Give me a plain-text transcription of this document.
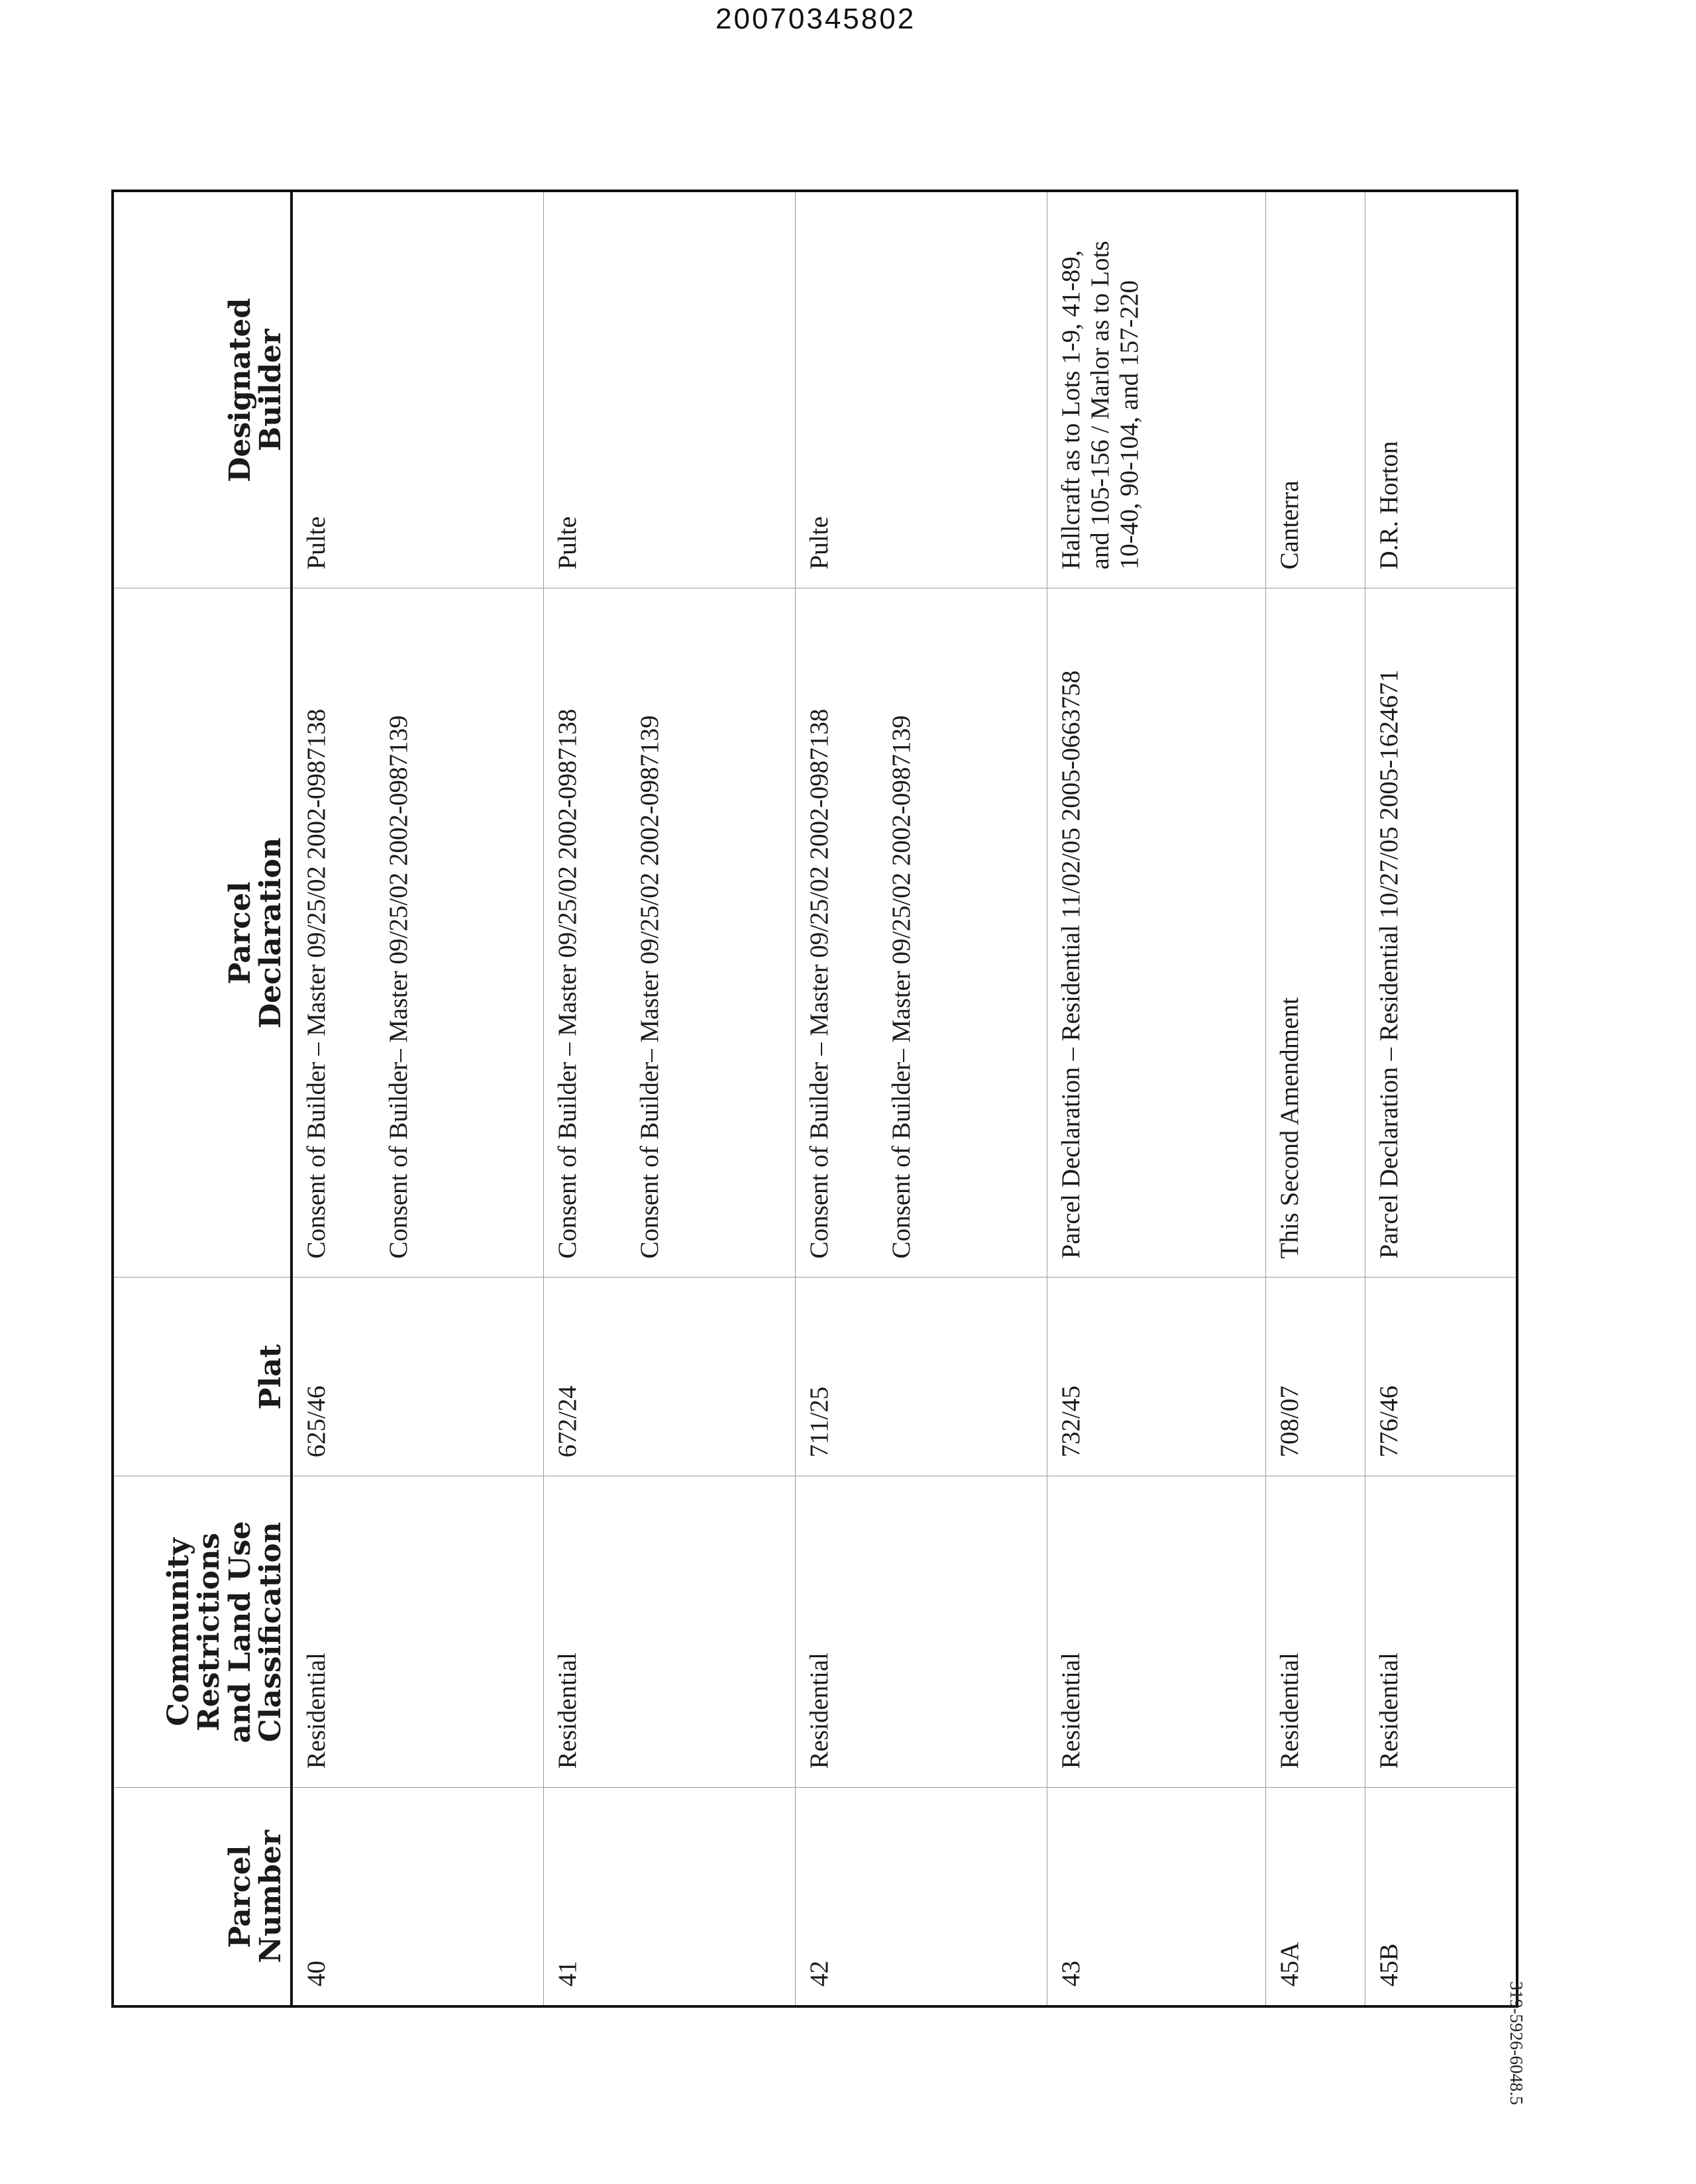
20070345802
Parcel
Number	Community
Restrictions
and Land Use
Classification	Plat	Parcel
Declaration	Designated
Builder
40	Residential	625/46	Consent of Builder – Master 09/25/02 2002-0987138 Consent of Builder– Master 09/25/02 2002-0987139	Pulte
41	Residential	672/24	Consent of Builder – Master 09/25/02 2002-0987138 Consent of Builder– Master 09/25/02 2002-0987139	Pulte
42	Residential	711/25	Consent of Builder – Master 09/25/02 2002-0987138 Consent of Builder– Master 09/25/02 2002-0987139	Pulte
43	Residential	732/45	Parcel Declaration – Residential 11/02/05 2005-0663758	Hallcraft as to Lots 1-9, 41-89, and 105-156 / Marlor as to Lots 10-40, 90-104, and 157-220
45A	Residential	708/07	This Second Amendment	Canterra
45B	Residential	776/46	Parcel Declaration – Residential 10/27/05 2005-1624671	D.R. Horton
319-5926-6048.5
